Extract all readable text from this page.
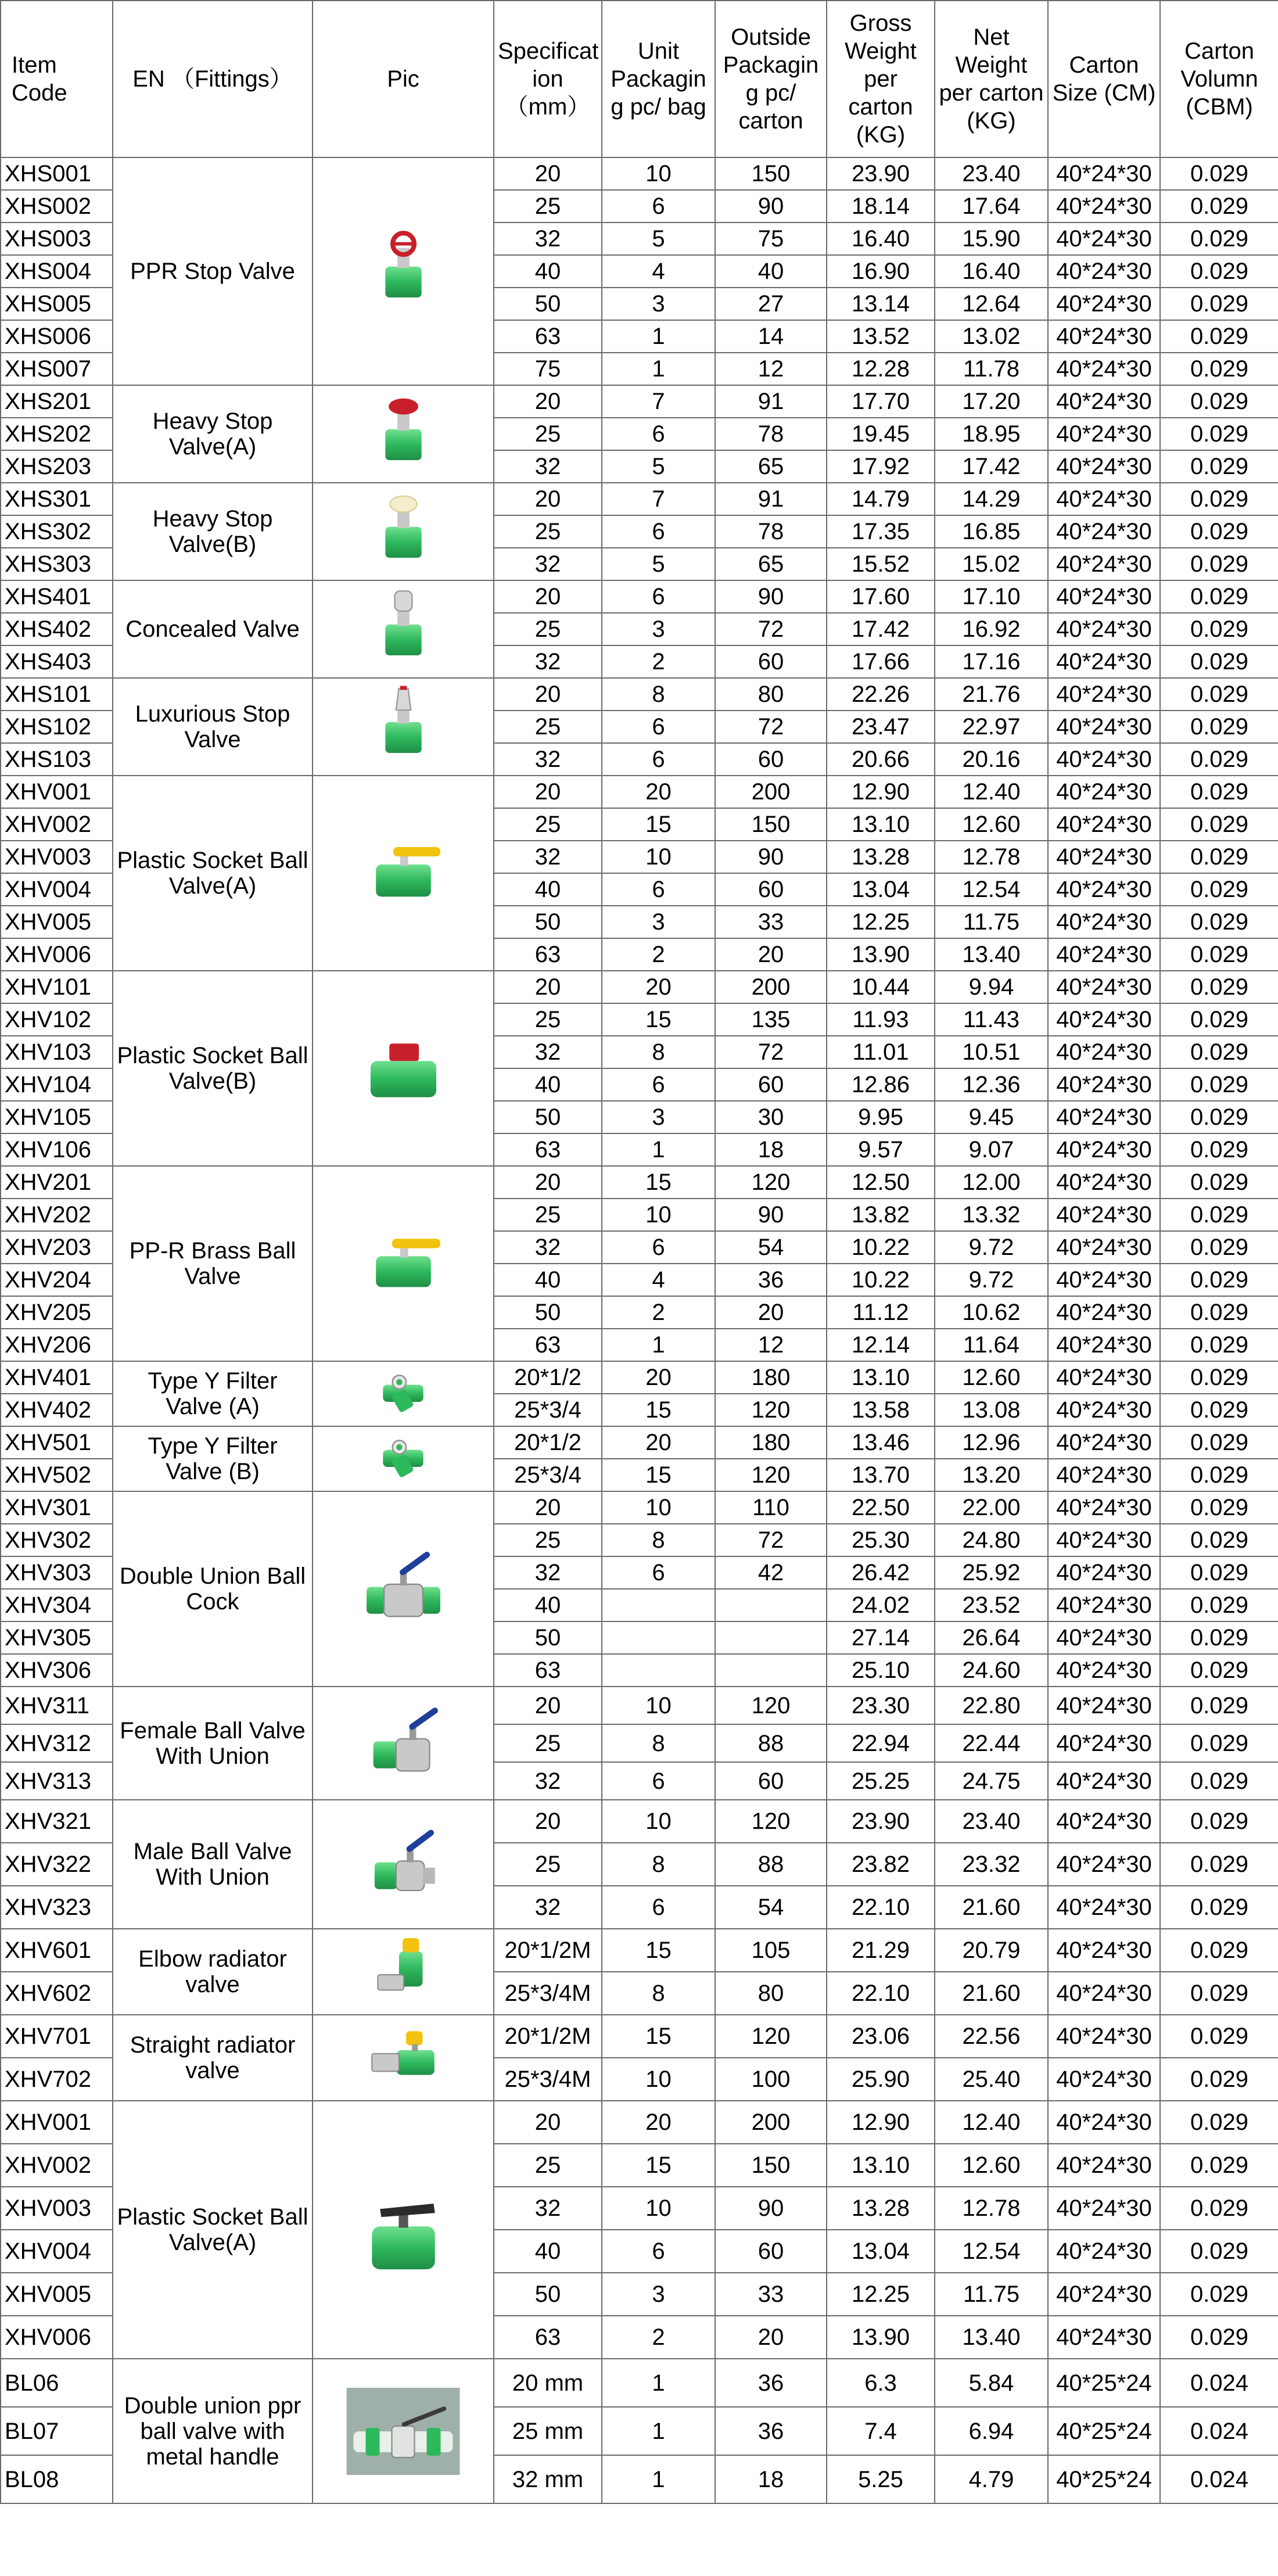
Item Code	EN （Fittings）	Pic	Specificat ion（mm）	Unit Packagin g pc/ bag	Outside Packagin g pc/ carton	Gross Weight per carton (KG)	Net Weight per carton (KG)	Carton Size (CM)	Carton Volumn (CBM)
XHS001	PPR Stop Valve		20	10	150	23.90	23.40	40*24*30	0.029
XHS002			25	6	90	18.14	17.64	40*24*30	0.029
XHS003			32	5	75	16.40	15.90	40*24*30	0.029
XHS004			40	4	40	16.90	16.40	40*24*30	0.029
XHS005			50	3	27	13.14	12.64	40*24*30	0.029
XHS006			63	1	14	13.52	13.02	40*24*30	0.029
XHS007			75	1	12	12.28	11.78	40*24*30	0.029
XHS201	Heavy Stop Valve(A)		20	7	91	17.70	17.20	40*24*30	0.029
XHS202			25	6	78	19.45	18.95	40*24*30	0.029
XHS203			32	5	65	17.92	17.42	40*24*30	0.029
XHS301	Heavy Stop Valve(B)		20	7	91	14.79	14.29	40*24*30	0.029
XHS302			25	6	78	17.35	16.85	40*24*30	0.029
XHS303			32	5	65	15.52	15.02	40*24*30	0.029
XHS401	Concealed Valve		20	6	90	17.60	17.10	40*24*30	0.029
XHS402			25	3	72	17.42	16.92	40*24*30	0.029
XHS403			32	2	60	17.66	17.16	40*24*30	0.029
XHS101	Luxurious Stop Valve		20	8	80	22.26	21.76	40*24*30	0.029
XHS102			25	6	72	23.47	22.97	40*24*30	0.029
XHS103			32	6	60	20.66	20.16	40*24*30	0.029
XHV001	Plastic Socket Ball Valve(A)		20	20	200	12.90	12.40	40*24*30	0.029
XHV002			25	15	150	13.10	12.60	40*24*30	0.029
XHV003			32	10	90	13.28	12.78	40*24*30	0.029
XHV004			40	6	60	13.04	12.54	40*24*30	0.029
XHV005			50	3	33	12.25	11.75	40*24*30	0.029
XHV006			63	2	20	13.90	13.40	40*24*30	0.029
XHV101	Plastic Socket Ball Valve(B)		20	20	200	10.44	9.94	40*24*30	0.029
XHV102			25	15	135	11.93	11.43	40*24*30	0.029
XHV103			32	8	72	11.01	10.51	40*24*30	0.029
XHV104			40	6	60	12.86	12.36	40*24*30	0.029
XHV105			50	3	30	9.95	9.45	40*24*30	0.029
XHV106			63	1	18	9.57	9.07	40*24*30	0.029
XHV201	PP-R Brass Ball Valve		20	15	120	12.50	12.00	40*24*30	0.029
XHV202			25	10	90	13.82	13.32	40*24*30	0.029
XHV203			32	6	54	10.22	9.72	40*24*30	0.029
XHV204			40	4	36	10.22	9.72	40*24*30	0.029
XHV205			50	2	20	11.12	10.62	40*24*30	0.029
XHV206			63	1	12	12.14	11.64	40*24*30	0.029
XHV401	Type Y Filter Valve (A)		20*1/2	20	180	13.10	12.60	40*24*30	0.029
XHV402			25*3/4	15	120	13.58	13.08	40*24*30	0.029
XHV501	Type Y Filter Valve (B)		20*1/2	20	180	13.46	12.96	40*24*30	0.029
XHV502			25*3/4	15	120	13.70	13.20	40*24*30	0.029
XHV301	Double Union Ball Cock		20	10	110	22.50	22.00	40*24*30	0.029
XHV302			25	8	72	25.30	24.80	40*24*30	0.029
XHV303			32	6	42	26.42	25.92	40*24*30	0.029
XHV304			40			24.02	23.52	40*24*30	0.029
XHV305			50			27.14	26.64	40*24*30	0.029
XHV306			63			25.10	24.60	40*24*30	0.029
XHV311	Female Ball Valve With Union		20	10	120	23.30	22.80	40*24*30	0.029
XHV312			25	8	88	22.94	22.44	40*24*30	0.029
XHV313			32	6	60	25.25	24.75	40*24*30	0.029
XHV321	Male Ball Valve With Union		20	10	120	23.90	23.40	40*24*30	0.029
XHV322			25	8	88	23.82	23.32	40*24*30	0.029
XHV323			32	6	54	22.10	21.60	40*24*30	0.029
XHV601	Elbow radiator valve		20*1/2M	15	105	21.29	20.79	40*24*30	0.029
XHV602			25*3/4M	8	80	22.10	21.60	40*24*30	0.029
XHV701	Straight radiator valve		20*1/2M	15	120	23.06	22.56	40*24*30	0.029
XHV702			25*3/4M	10	100	25.90	25.40	40*24*30	0.029
XHV001	Plastic Socket Ball Valve(A)		20	20	200	12.90	12.40	40*24*30	0.029
XHV002			25	15	150	13.10	12.60	40*24*30	0.029
XHV003			32	10	90	13.28	12.78	40*24*30	0.029
XHV004			40	6	60	13.04	12.54	40*24*30	0.029
XHV005			50	3	33	12.25	11.75	40*24*30	0.029
XHV006			63	2	20	13.90	13.40	40*24*30	0.029
BL06	Double union ppr ball valve with metal handle		20 mm	1	36	6.3	5.84	40*25*24	0.024
BL07			25 mm	1	36	7.4	6.94	40*25*24	0.024
BL08			32 mm	1	18	5.25	4.79	40*25*24	0.024
